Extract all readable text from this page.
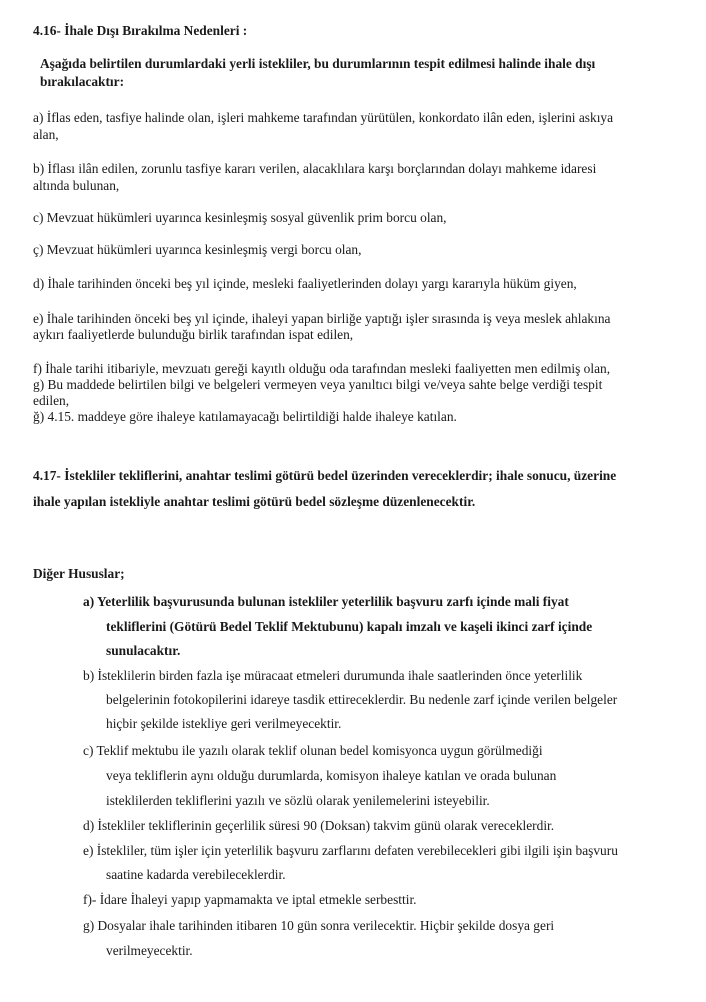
4.16- İhale Dışı Bırakılma Nedenleri :
Aşağıda belirtilen durumlardaki yerli istekliler, bu durumlarının tespit edilmesi halinde ihale dışı
bırakılacaktır:
a) İflas eden, tasfiye halinde olan, işleri mahkeme tarafından yürütülen, konkordato ilân eden, işlerini askıya
alan,
b) İflası ilân edilen, zorunlu tasfiye kararı verilen, alacaklılara karşı borçlarından dolayı mahkeme idaresi
altında bulunan,
c) Mevzuat hükümleri uyarınca kesinleşmiş sosyal güvenlik prim borcu olan,
ç) Mevzuat hükümleri uyarınca kesinleşmiş vergi borcu olan,
d) İhale tarihinden önceki beş yıl içinde, mesleki faaliyetlerinden dolayı yargı kararıyla hüküm giyen,
e) İhale tarihinden önceki beş yıl içinde, ihaleyi yapan birliğe yaptığı işler sırasında iş veya meslek ahlakına
aykırı faaliyetlerde bulunduğu birlik tarafından ispat edilen,
f) İhale tarihi itibariyle, mevzuatı gereği kayıtlı olduğu oda tarafından mesleki faaliyetten men edilmiş olan,
g) Bu maddede belirtilen bilgi ve belgeleri vermeyen veya yanıltıcı bilgi ve/veya sahte belge verdiği tespit
edilen,
ğ) 4.15. maddeye göre ihaleye katılamayacağı belirtildiği halde ihaleye katılan.
4.17- İstekliler tekliflerini, anahtar teslimi götürü bedel üzerinden vereceklerdir; ihale sonucu, üzerine
ihale yapılan istekliyle anahtar teslimi götürü bedel sözleşme düzenlenecektir.
Diğer Hususlar;
a) Yeterlilik başvurusunda bulunan istekliler yeterlilik başvuru zarfı içinde mali fiyat
tekliflerini (Götürü Bedel Teklif Mektubunu) kapalı imzalı ve kaşeli ikinci zarf içinde
sunulacaktır.
b) İsteklilerin birden fazla işe müracaat etmeleri durumunda ihale saatlerinden önce yeterlilik
belgelerinin fotokopilerini idareye tasdik ettireceklerdir. Bu nedenle zarf içinde verilen belgeler
hiçbir şekilde istekliye geri verilmeyecektir.
c) Teklif mektubu ile yazılı olarak teklif olunan bedel komisyonca uygun görülmediği
veya tekliflerin aynı olduğu durumlarda, komisyon ihaleye katılan ve orada bulunan
isteklilerden tekliflerini yazılı ve sözlü olarak yenilemelerini isteyebilir.
d) İstekliler tekliflerinin geçerlilik süresi 90 (Doksan) takvim günü olarak vereceklerdir.
e) İstekliler, tüm işler için yeterlilik başvuru zarflarını defaten verebilecekleri gibi ilgili işin başvuru
saatine kadarda verebileceklerdir.
f)- İdare İhaleyi yapıp yapmamakta ve iptal etmekle serbesttir.
g) Dosyalar ihale tarihinden itibaren 10 gün sonra verilecektir. Hiçbir şekilde dosya geri
verilmeyecektir.
